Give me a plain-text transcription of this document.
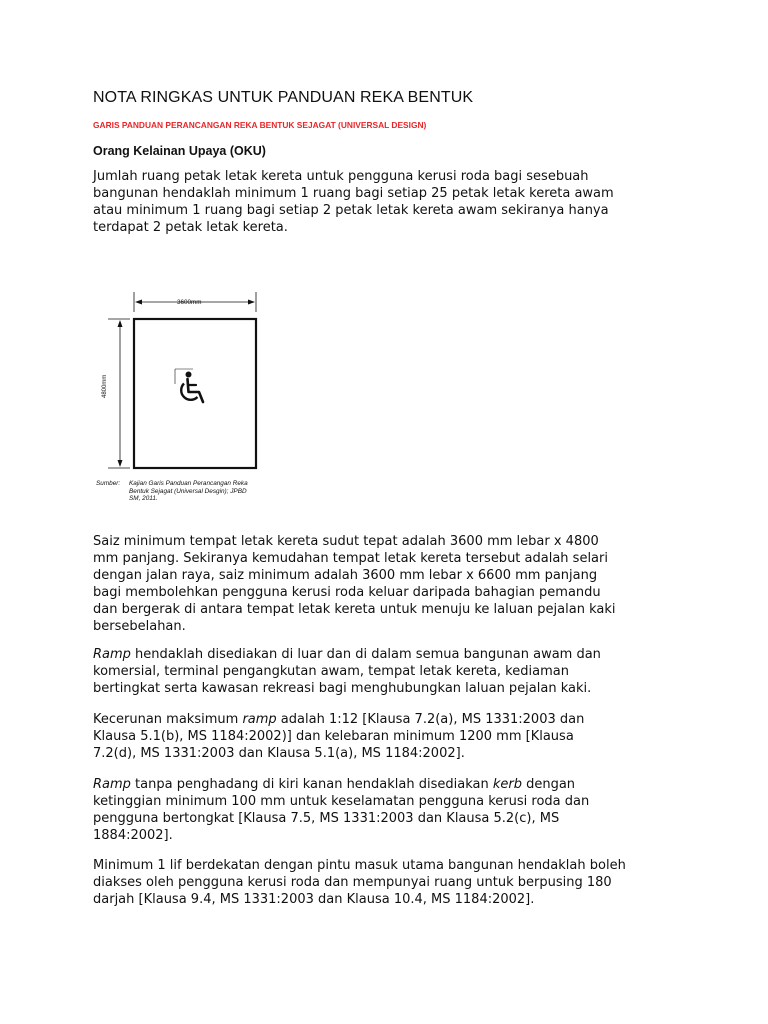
NOTA RINGKAS UNTUK PANDUAN REKA BENTUK
GARIS PANDUAN PERANCANGAN REKA BENTUK SEJAGAT (UNIVERSAL DESIGN)
Orang Kelainan Upaya (OKU)

Jumlah ruang petak letak kereta untuk pengguna kerusi roda bagi sesebuah
bangunan hendaklah minimum 1 ruang bagi setiap 25 petak letak kereta awam
atau minimum 1 ruang bagi setiap 2 petak letak kereta awam sekiranya hanya
terdapat 2 petak letak kereta.

3600mm
4800mm
Sumber: Kajian Garis Panduan Perancangan Reka
Bentuk Sejagat (Universal Desgin); JPBD
SM, 2011.

Saiz minimum tempat letak kereta sudut tepat adalah 3600 mm lebar x 4800
mm panjang. Sekiranya kemudahan tempat letak kereta tersebut adalah selari
dengan jalan raya, saiz minimum adalah 3600 mm lebar x 6600 mm panjang
bagi membolehkan pengguna kerusi roda keluar daripada bahagian pemandu
dan bergerak di antara tempat letak kereta untuk menuju ke laluan pejalan kaki
bersebelahan.

Ramp hendaklah disediakan di luar dan di dalam semua bangunan awam dan
komersial, terminal pengangkutan awam, tempat letak kereta, kediaman
bertingkat serta kawasan rekreasi bagi menghubungkan laluan pejalan kaki.

Kecerunan maksimum ramp adalah 1:12 [Klausa 7.2(a), MS 1331:2003 dan
Klausa 5.1(b), MS 1184:2002)] dan kelebaran minimum 1200 mm [Klausa
7.2(d), MS 1331:2003 dan Klausa 5.1(a), MS 1184:2002].

Ramp tanpa penghadang di kiri kanan hendaklah disediakan kerb dengan
ketinggian minimum 100 mm untuk keselamatan pengguna kerusi roda dan
pengguna bertongkat [Klausa 7.5, MS 1331:2003 dan Klausa 5.2(c), MS
1884:2002].

Minimum 1 lif berdekatan dengan pintu masuk utama bangunan hendaklah boleh
diakses oleh pengguna kerusi roda dan mempunyai ruang untuk berpusing 180
darjah [Klausa 9.4, MS 1331:2003 dan Klausa 10.4, MS 1184:2002].
